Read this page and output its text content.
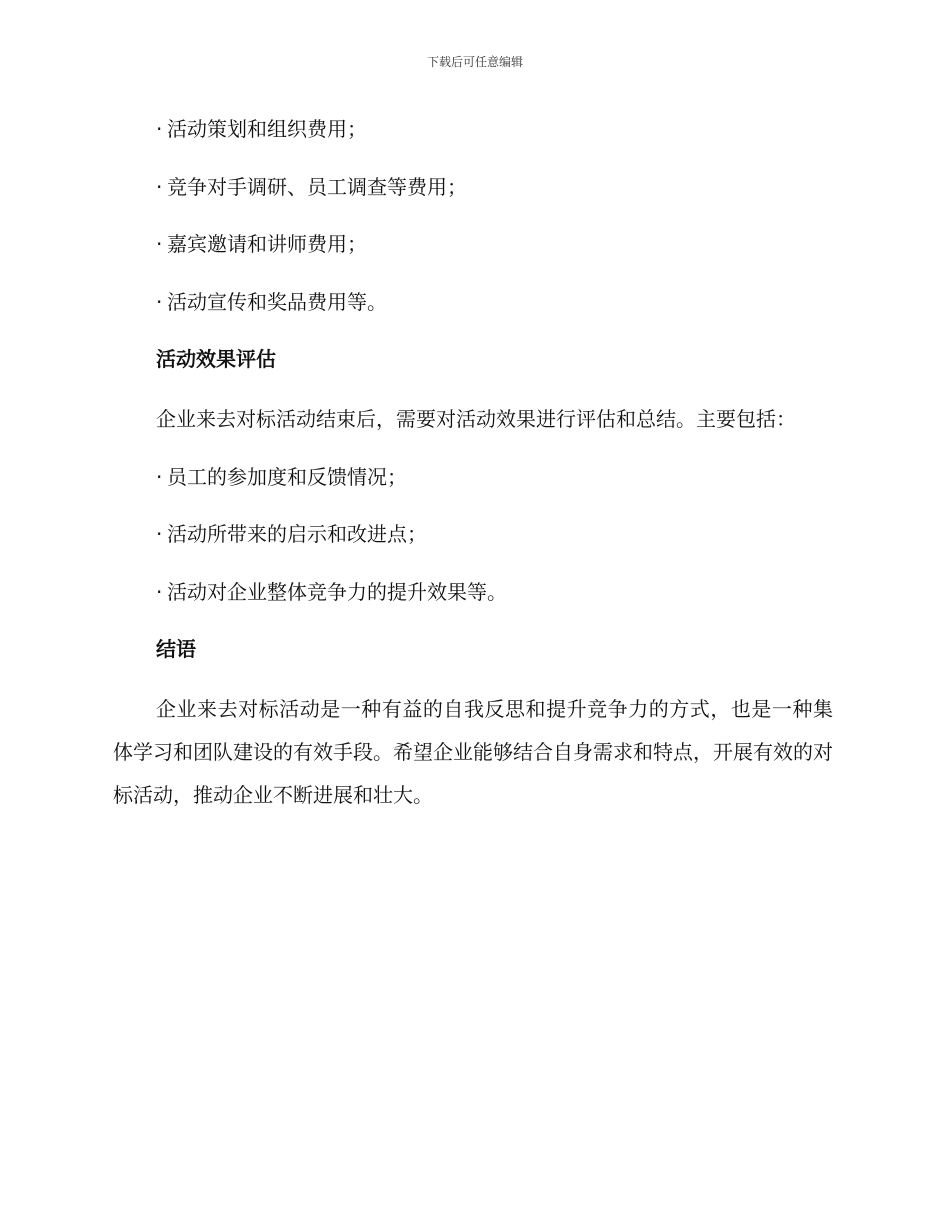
下载后可任意编辑
· 活动策划和组织费用；
· 竞争对手调研、员工调查等费用；
· 嘉宾邀请和讲师费用；
· 活动宣传和奖品费用等。
活动效果评估
企业来去对标活动结束后，需要对活动效果进行评估和总结。主要包括：
· 员工的参加度和反馈情况；
· 活动所带来的启示和改进点；
· 活动对企业整体竞争力的提升效果等。
结语
企业来去对标活动是一种有益的自我反思和提升竞争力的方式，也是一种集体学习和团队建设的有效手段。希望企业能够结合自身需求和特点，开展有效的对标活动，推动企业不断进展和壮大。
